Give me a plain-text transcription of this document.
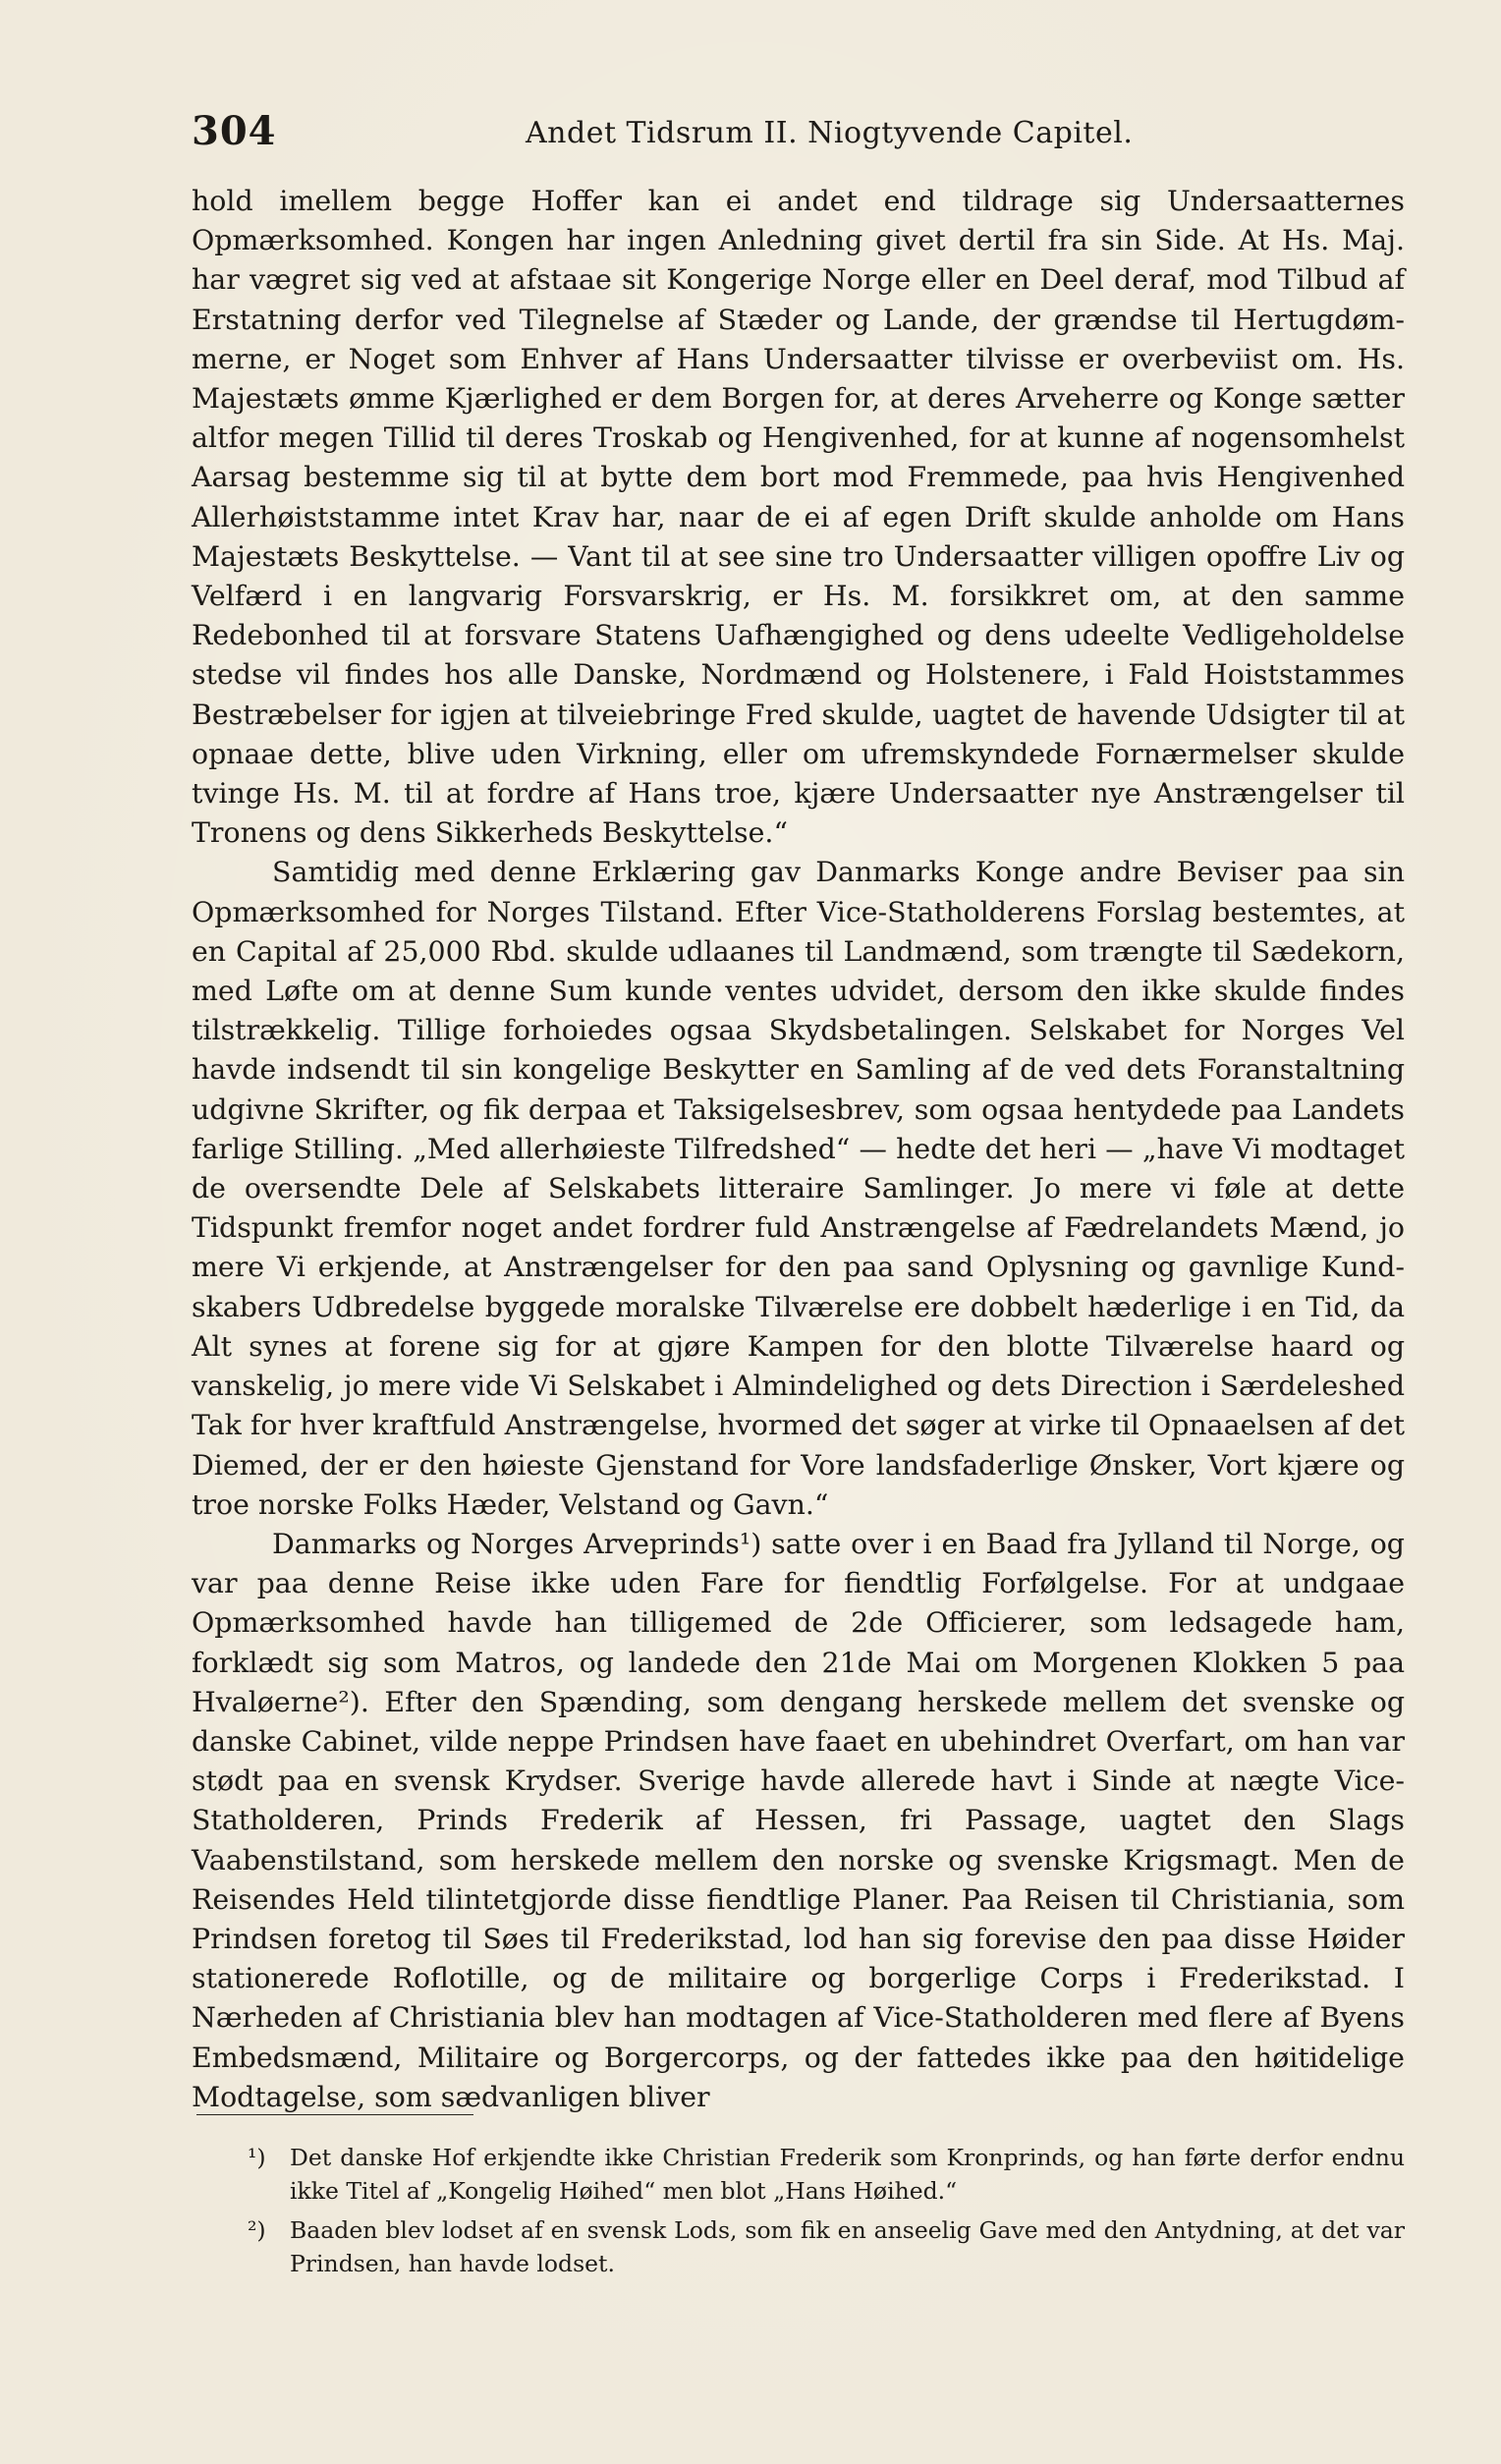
304	Andet Tidsrum II. Niogtyvende Capitel.

hold imellem begge Hoffer kan ei andet end tildrage sig Undersaatternes Opmærksomhed. Kongen har ingen Anledning givet dertil fra sin Side. At Hs. Maj. har vægret sig ved at afstaae sit Kongerige Norge eller en Deel deraf, mod Tilbud af Erstatning derfor ved Tilegnelse af Stæder og Lande, der grændse til Hertugdømmerne, er Noget som Enhver af Hans Undersaatter tilvisse er overbeviist om. Hs. Majestæts ømme Kjærlighed er dem Borgen for, at deres Arveherre og Konge sætter altfor megen Tillid til deres Troskab og Hengivenhed, for at kunne af nogensomhelst Aarsag bestemme sig til at bytte dem bort mod Fremmede, paa hvis Hengivenhed Allerhøiststamme intet Krav har, naar de ei af egen Drift skulde anholde om Hans Majestæts Beskyttelse. — Vant til at see sine tro Undersaatter villigen opoffre Liv og Velfærd i en langvarig Forsvarskrig, er Hs. M. forsikkret om, at den samme Redebonhed til at forsvare Statens Uafhængighed og dens udeelte Vedligeholdelse stedse vil findes hos alle Danske, Nordmænd og Holstenere, i Fald Hoiststammes Bestræbelser for igjen at tilveiebringe Fred skulde, uagtet de havende Udsigter til at opnaae dette, blive uden Virkning, eller om ufremskyndede Fornærmelser skulde tvinge Hs. M. til at fordre af Hans troe, kjære Undersaatter nye Anstrængelser til Tronens og dens Sikkerheds Beskyttelse.“

Samtidig med denne Erklæring gav Danmarks Konge andre Beviser paa sin Opmærksomhed for Norges Tilstand. Efter Vice-Statholderens Forslag bestemtes, at en Capital af 25,000 Rbd. skulde udlaanes til Landmænd, som trængte til Sædekorn, med Løfte om at denne Sum kunde ventes udvidet, dersom den ikke skulde findes tilstrækkelig. Tillige forhoiedes ogsaa Skydsbetalingen. Selskabet for Norges Vel havde indsendt til sin kongelige Beskytter en Samling af de ved dets Foranstaltning udgivne Skrifter, og fik derpaa et Taksigelsesbrev, som ogsaa hentydede paa Landets farlige Stilling. „Med allerhøieste Tilfredshed“ — hedte det heri — „have Vi modtaget de oversendte Dele af Selskabets litteraire Samlinger. Jo mere vi føle at dette Tidspunkt fremfor noget andet fordrer fuld Anstrængelse af Fædrelandets Mænd, jo mere Vi erkjende, at Anstrængelser for den paa sand Oplysning og gavnlige Kundskabers Udbredelse byggede moralske Tilværelse ere dobbelt hæderlige i en Tid, da Alt synes at forene sig for at gjøre Kampen for den blotte Tilværelse haard og vanskelig, jo mere vide Vi Selskabet i Almindelighed og dets Direction i Særdeleshed Tak for hver kraftfuld Anstrængelse, hvormed det søger at virke til Opnaaelsen af det Diemed, der er den høieste Gjenstand for Vore landsfaderlige Ønsker, Vort kjære og troe norske Folks Hæder, Velstand og Gavn.“

Danmarks og Norges Arveprinds¹) satte over i en Baad fra Jylland til Norge, og var paa denne Reise ikke uden Fare for fiendtlig Forfølgelse. For at undgaae Opmærksomhed havde han tilligemed de 2de Officierer, som ledsagede ham, forklædt sig som Matros, og landede den 21de Mai om Morgenen Klokken 5 paa Hvaløerne²). Efter den Spænding, som dengang herskede mellem det svenske og danske Cabinet, vilde neppe Prindsen have faaet en ubehindret Overfart, om han var stødt paa en svensk Krydser. Sverige havde allerede havt i Sinde at nægte Vice-Statholderen, Prinds Frederik af Hessen, fri Passage, uagtet den Slags Vaabenstilstand, som herskede mellem den norske og svenske Krigsmagt. Men de Reisendes Held tilintetgjorde disse fiendtlige Planer. Paa Reisen til Christiania, som Prindsen foretog til Søes til Frederikstad, lod han sig forevise den paa disse Høider stationerede Roflotille, og de militaire og borgerlige Corps i Frederikstad. I Nærheden af Christiania blev han modtagen af Vice-Statholderen med flere af Byens Embedsmænd, Militaire og Borgercorps, og der fattedes ikke paa den høitidelige Modtagelse, som sædvanligen bliver

¹) Det danske Hof erkjendte ikke Christian Frederik som Kronprinds, og han førte derfor endnu ikke Titel af „Kongelig Høihed“ men blot „Hans Høihed.“
²) Baaden blev lodset af en svensk Lods, som fik en anseelig Gave med den Antydning, at det var Prindsen, han havde lodset.
